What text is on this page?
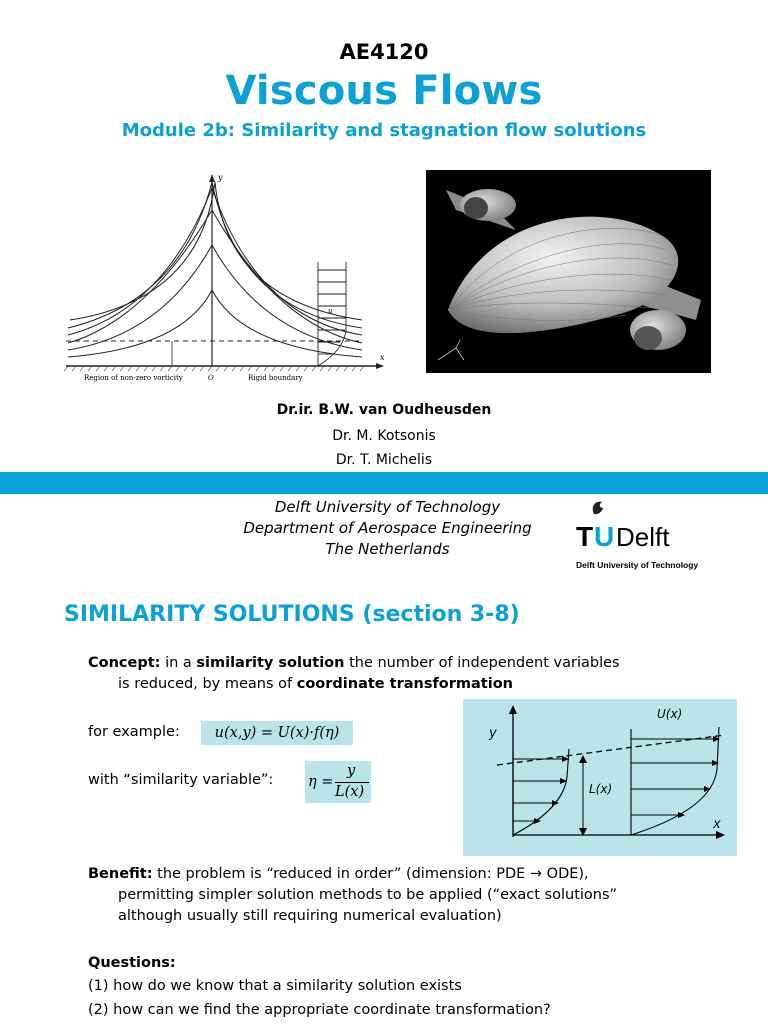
AE4120
Viscous Flows
Module 2b: Similarity and stagnation flow solutions
y
x
u
O
Region of non-zero vorticity	Rigid boundary
Dr.ir. B.W. van Oudheusden
Dr. M. Kotsonis
Dr. T. Michelis
Delft University of Technology
Department of Aerospace Engineering
The Netherlands	T U Delft
Delft University of Technology
SIMILARITY SOLUTIONS (section 3-8)
Concept: in a similarity solution the number of independent variables
is reduced, by means of coordinate transformation
for example:	u(x,y) = U(x)·f(η)
with “similarity variable”: η =
y
L(x)
y
x
U(x)
L(x)
Benefit: the problem is “reduced in order” (dimension: PDE → ODE),
permitting simpler solution methods to be applied (“exact solutions”
although usually still requiring numerical evaluation)
Questions:
(1) how do we know that a similarity solution exists
(2) how can we find the appropriate coordinate transformation?
